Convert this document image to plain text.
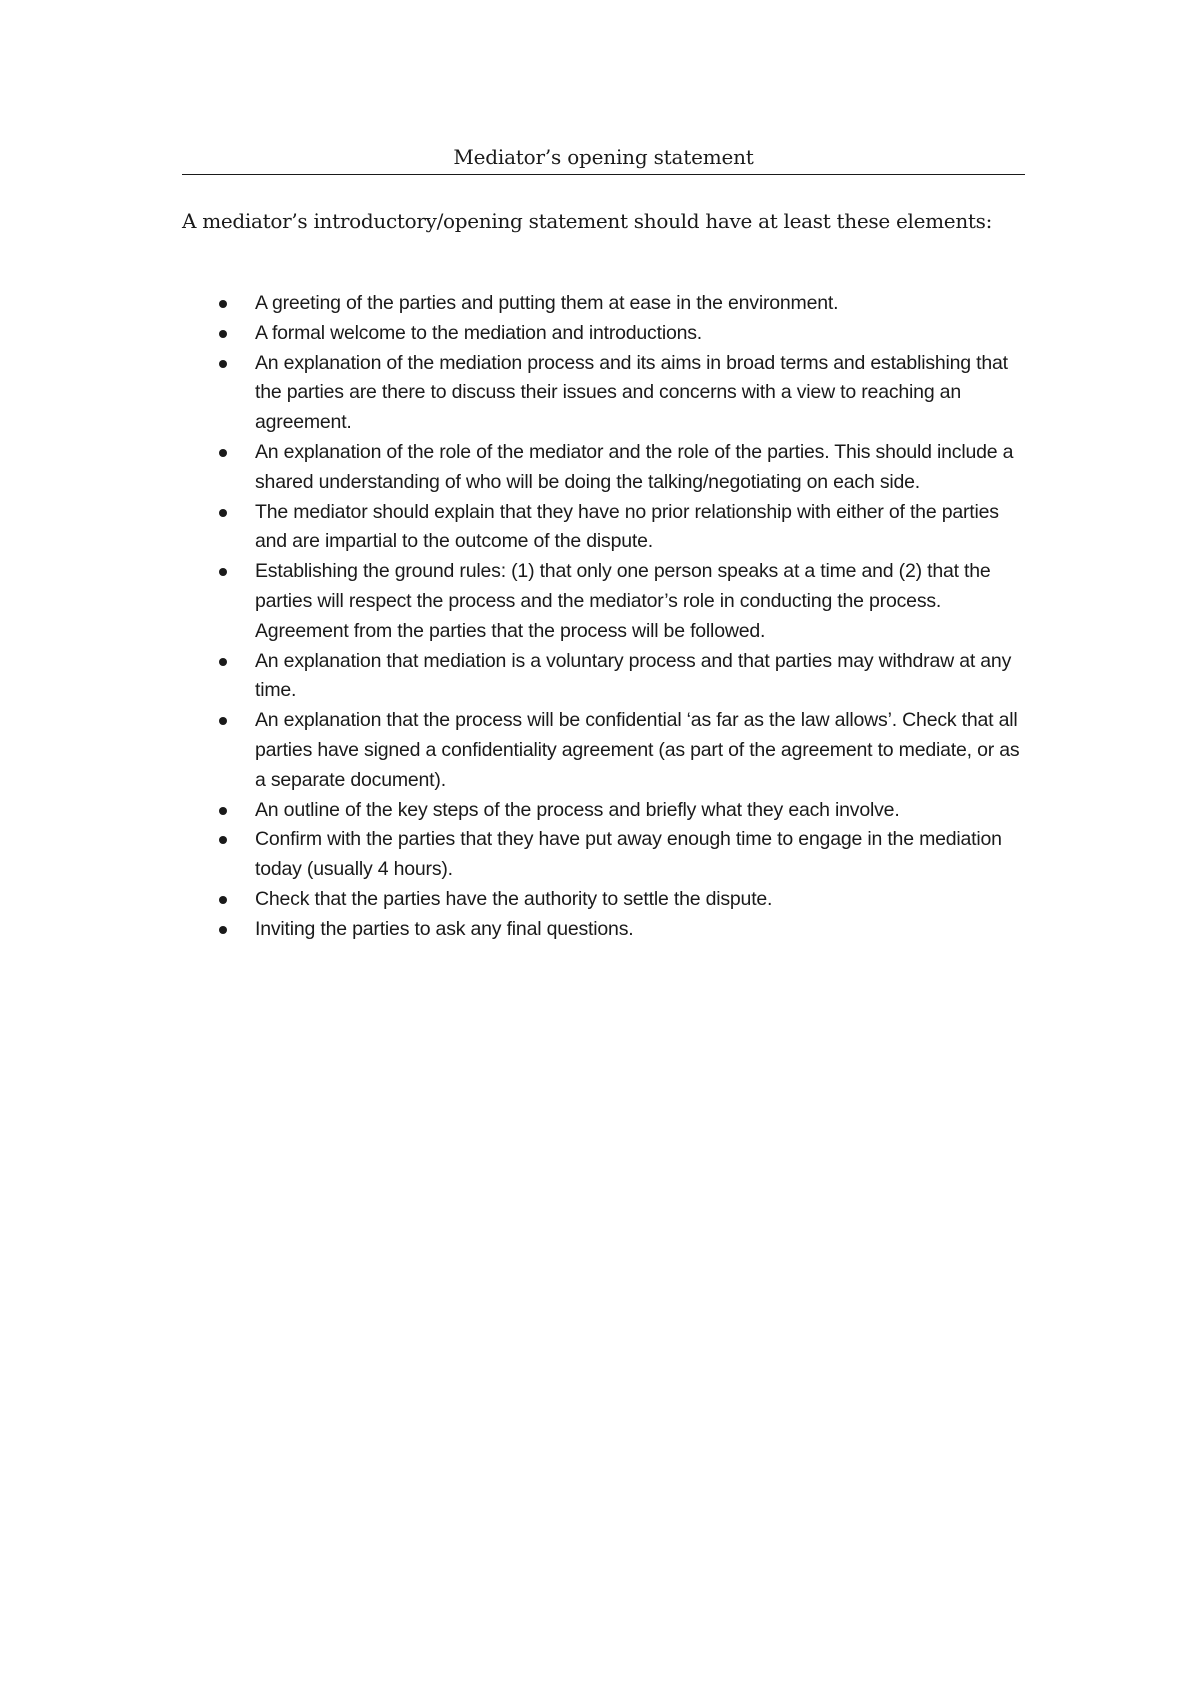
Mediator’s opening statement

A mediator’s introductory/opening statement should have at least these elements:

A greeting of the parties and putting them at ease in the environment.
A formal welcome to the mediation and introductions.
An explanation of the mediation process and its aims in broad terms and establishing that the parties are there to discuss their issues and concerns with a view to reaching an agreement.
An explanation of the role of the mediator and the role of the parties. This should include a shared understanding of who will be doing the talking/negotiating on each side.
The mediator should explain that they have no prior relationship with either of the parties and are impartial to the outcome of the dispute.
Establishing the ground rules: (1) that only one person speaks at a time and (2) that the parties will respect the process and the mediator’s role in conducting the process. Agreement from the parties that the process will be followed.
An explanation that mediation is a voluntary process and that parties may withdraw at any time.
An explanation that the process will be confidential ‘as far as the law allows’. Check that all parties have signed a confidentiality agreement (as part of the agreement to mediate, or as a separate document).
An outline of the key steps of the process and briefly what they each involve.
Confirm with the parties that they have put away enough time to engage in the mediation today (usually 4 hours).
Check that the parties have the authority to settle the dispute.
Inviting the parties to ask any final questions.
